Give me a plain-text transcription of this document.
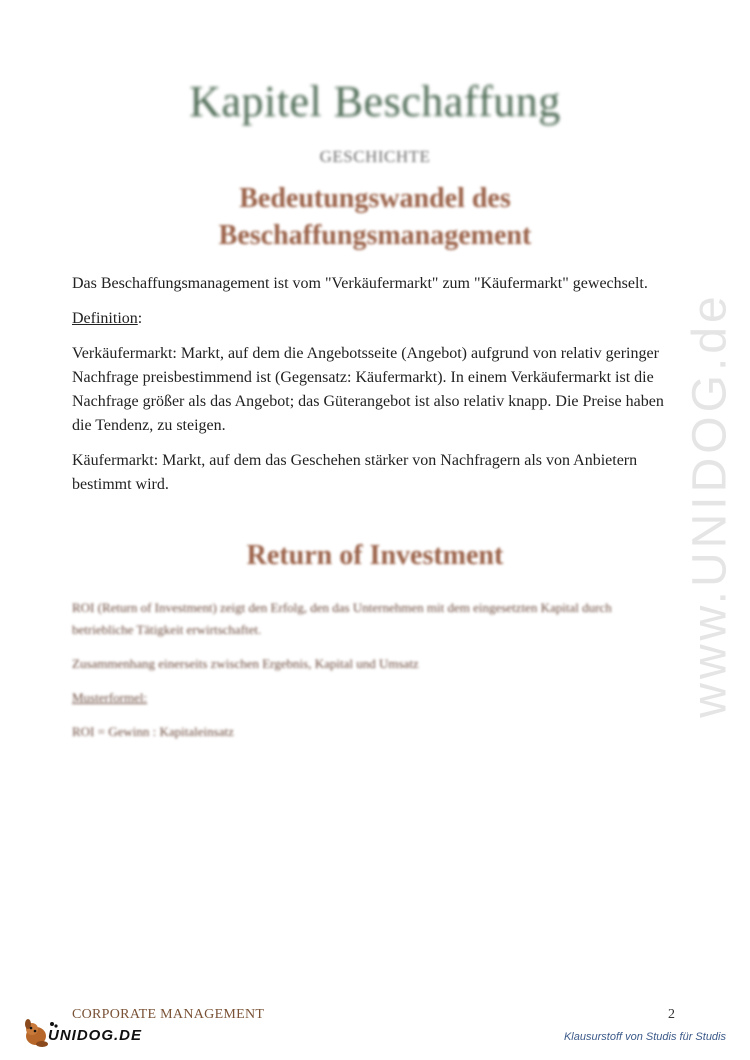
Kapitel Beschaffung
GESCHICHTE
Bedeutungswandel des Beschaffungsmanagement

Das Beschaffungsmanagement ist vom "Verkäufermarkt" zum "Käufermarkt" gewechselt.

Definition:

Verkäufermarkt: Markt, auf dem die Angebotsseite (Angebot) aufgrund von relativ geringer Nachfrage preisbestimmend ist (Gegensatz: Käufermarkt). In einem Verkäufermarkt ist die Nachfrage größer als das Angebot; das Güterangebot ist also relativ knapp. Die Preise haben die Tendenz, zu steigen.

Käufermarkt: Markt, auf dem das Geschehen stärker von Nachfragern als von Anbietern bestimmt wird.

Return of Investment

ROI (Return of Investment) zeigt den Erfolg, den das Unternehmen mit dem eingesetzten Kapital durch betriebliche Tätigkeit erwirtschaftet.

Zusammenhang einerseits zwischen Ergebnis, Kapital und Umsatz

Musterformel:

ROI = Gewinn : Kapitaleinsatz

www.UNIDOG.de
CORPORATE MANAGEMENT	2
UNIDOG.DE	Klausurstoff von Studis für Studis
